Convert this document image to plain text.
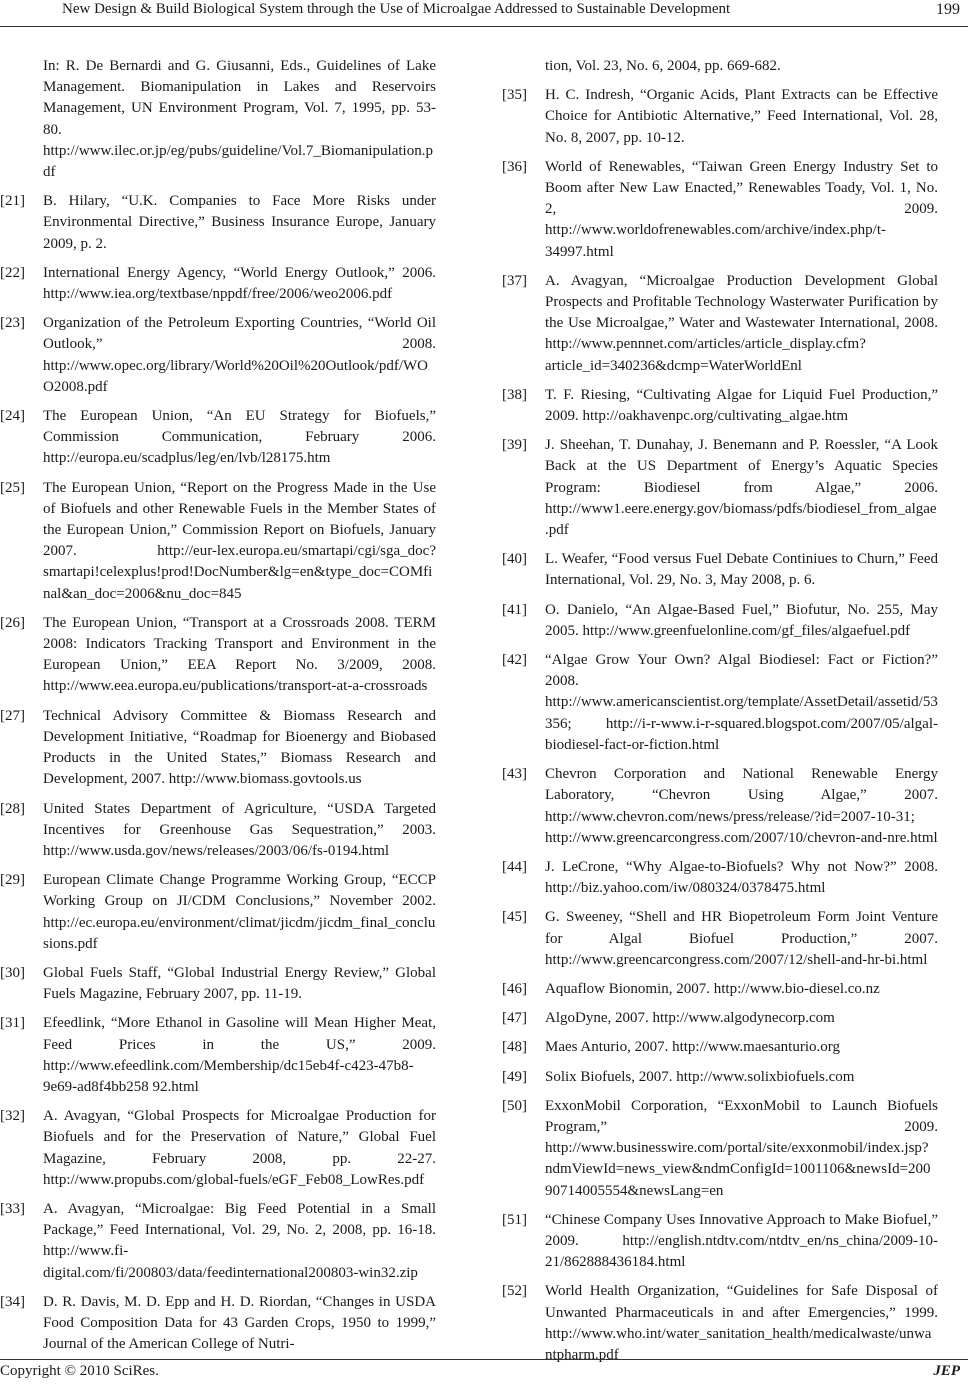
New Design & Build Biological System through the Use of Microalgae Addressed to Sustainable Development	199
In: R. De Bernardi and G. Giusanni, Eds., Guidelines of Lake Management. Biomanipulation in Lakes and Reservoirs Management, UN Environment Program, Vol. 7, 1995, pp. 53-80. http://www.ilec.or.jp/eg/pubs/guideline/Vol.7_Biomanipulation.pdf
[21]	B. Hilary, “U.K. Companies to Face More Risks under Environmental Directive,” Business Insurance Europe, January 2009, p. 2.
[22]	International Energy Agency, “World Energy Outlook,” 2006. http://www.iea.org/textbase/nppdf/free/2006/weo2006.pdf
[23]	Organization of the Petroleum Exporting Countries, “World Oil Outlook,” 2008. http://www.opec.org/library/World%20Oil%20Outlook/pdf/WOO2008.pdf
[24]	The European Union, “An EU Strategy for Biofuels,” Commission Communication, February 2006. http://europa.eu/scadplus/leg/en/lvb/l28175.htm
[25]	The European Union, “Report on the Progress Made in the Use of Biofuels and other Renewable Fuels in the Member States of the European Union,” Commission Report on Biofuels, January 2007. http://eur-lex.europa.eu/smartapi/cgi/sga_doc?smartapi!celexplus!prod!DocNumber&lg=en&type_doc=COMfinal&an_doc=2006&nu_doc=845
[26]	The European Union, “Transport at a Crossroads 2008. TERM 2008: Indicators Tracking Transport and Environment in the European Union,” EEA Report No. 3/2009, 2008. http://www.eea.europa.eu/publications/transport-at-a-crossroads
[27]	Technical Advisory Committee & Biomass Research and Development Initiative, “Roadmap for Bioenergy and Biobased Products in the United States,” Biomass Research and Development, 2007. http://www.biomass.govtools.us
[28]	United States Department of Agriculture, “USDA Targeted Incentives for Greenhouse Gas Sequestration,” 2003. http://www.usda.gov/news/releases/2003/06/fs-0194.html
[29]	European Climate Change Programme Working Group, “ECCP Working Group on JI/CDM Conclusions,” November 2002. http://ec.europa.eu/environment/climat/jicdm/jicdm_final_conclusions.pdf
[30]	Global Fuels Staff, “Global Industrial Energy Review,” Global Fuels Magazine, February 2007, pp. 11-19.
[31]	Efeedlink, “More Ethanol in Gasoline will Mean Higher Meat, Feed Prices in the US,” 2009. http://www.efeedlink.com/Membership/dc15eb4f-c423-47b8-9e69-ad8f4bb258 92.html
[32]	A. Avagyan, “Global Prospects for Microalgae Production for Biofuels and for the Preservation of Nature,” Global Fuel Magazine, February 2008, pp. 22-27. http://www.propubs.com/global-fuels/eGF_Feb08_LowRes.pdf
[33]	A. Avagyan, “Microalgae: Big Feed Potential in a Small Package,” Feed International, Vol. 29, No. 2, 2008, pp. 16-18. http://www.fi-digital.com/fi/200803/data/feedinternational200803-win32.zip
[34]	D. R. Davis, M. D. Epp and H. D. Riordan, “Changes in USDA Food Composition Data for 43 Garden Crops, 1950 to 1999,” Journal of the American College of Nutri-
tion, Vol. 23, No. 6, 2004, pp. 669-682.
[35]	H. C. Indresh, “Organic Acids, Plant Extracts can be Effective Choice for Antibiotic Alternative,” Feed International, Vol. 28, No. 8, 2007, pp. 10-12.
[36]	World of Renewables, “Taiwan Green Energy Industry Set to Boom after New Law Enacted,” Renewables Toady, Vol. 1, No. 2, 2009. http://www.worldofrenewables.com/archive/index.php/t-34997.html
[37]	A. Avagyan, “Microalgae Production Development Global Prospects and Profitable Technology Wasterwater Purification by the Use Microalgae,” Water and Wastewater International, 2008. http://www.pennnet.com/articles/article_display.cfm?article_id=340236&dcmp=WaterWorldEnl
[38]	T. F. Riesing, “Cultivating Algae for Liquid Fuel Production,” 2009. http://oakhavenpc.org/cultivating_algae.htm
[39]	J. Sheehan, T. Dunahay, J. Benemann and P. Roessler, “A Look Back at the US Department of Energy’s Aquatic Species Program: Biodiesel from Algae,” 2006. http://www1.eere.energy.gov/biomass/pdfs/biodiesel_from_algae.pdf
[40]	L. Weafer, “Food versus Fuel Debate Continiues to Churn,” Feed International, Vol. 29, No. 3, May 2008, p. 6.
[41]	O. Danielo, “An Algae-Based Fuel,” Biofutur, No. 255, May 2005. http://www.greenfuelonline.com/gf_files/algaefuel.pdf
[42]	“Algae Grow Your Own? Algal Biodiesel: Fact or Fiction?” 2008. http://www.americanscientist.org/template/AssetDetail/assetid/53356; http://i-r-www.i-r-squared.blogspot.com/2007/05/algal-biodiesel-fact-or-fiction.html
[43]	Chevron Corporation and National Renewable Energy Laboratory, “Chevron Using Algae,” 2007. http://www.chevron.com/news/press/release/?id=2007-10-31; http://www.greencarcongress.com/2007/10/chevron-and-nre.html
[44]	J. LeCrone, “Why Algae-to-Biofuels? Why not Now?” 2008. http://biz.yahoo.com/iw/080324/0378475.html
[45]	G. Sweeney, “Shell and HR Biopetroleum Form Joint Venture for Algal Biofuel Production,” 2007. http://www.greencarcongress.com/2007/12/shell-and-hr-bi.html
[46]	Aquaflow Bionomin, 2007. http://www.bio-diesel.co.nz
[47]	AlgoDyne, 2007. http://www.algodynecorp.com
[48]	Maes Anturio, 2007. http://www.maesanturio.org
[49]	Solix Biofuels, 2007. http://www.solixbiofuels.com
[50]	ExxonMobil Corporation, “ExxonMobil to Launch Biofuels Program,” 2009. http://www.businesswire.com/portal/site/exxonmobil/index.jsp?ndmViewId=news_view&ndmConfigId=1001106&newsId=20090714005554&newsLang=en
[51]	“Chinese Company Uses Innovative Approach to Make Biofuel,” 2009. http://english.ntdtv.com/ntdtv_en/ns_china/2009-10-21/862888436184.html
[52]	World Health Organization, “Guidelines for Safe Disposal of Unwanted Pharmaceuticals in and after Emergencies,” 1999. http://www.who.int/water_sanitation_health/medicalwaste/unwantpharm.pdf
Copyright © 2010 SciRes.	JEP
